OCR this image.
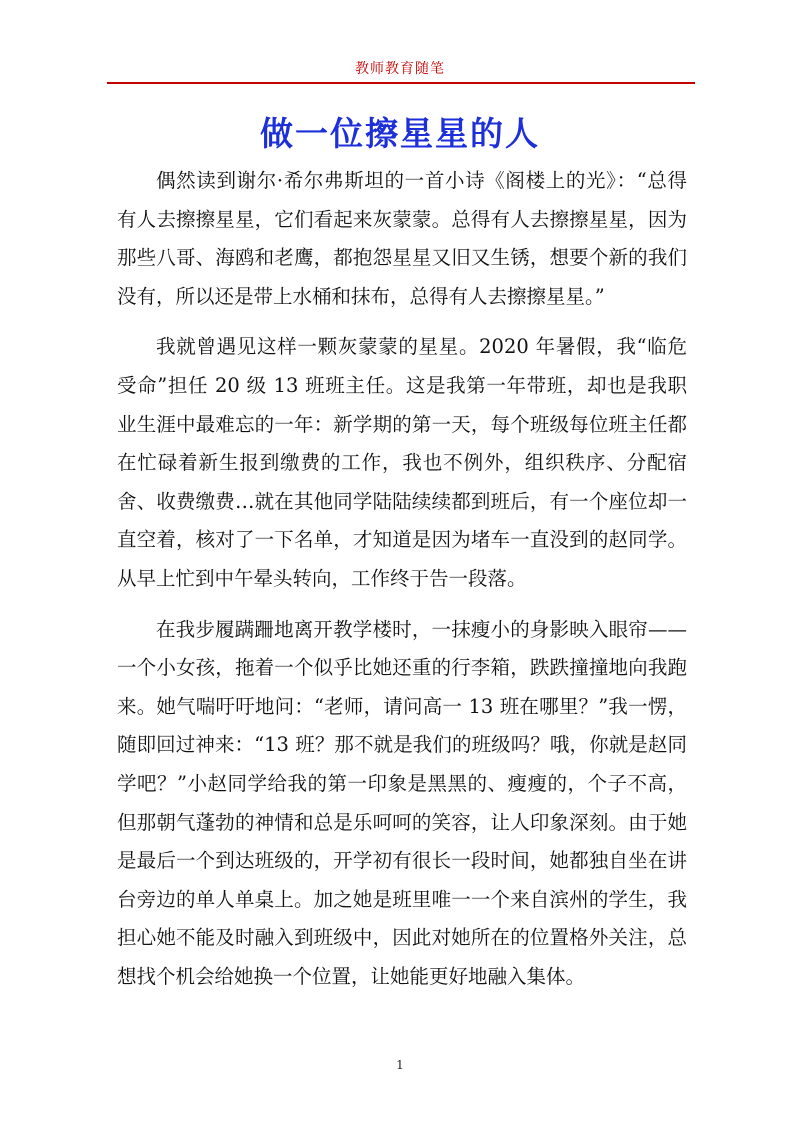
教师教育随笔
做一位擦星星的人

偶然读到谢尔·希尔弗斯坦的一首小诗《阁楼上的光》：“总得有人去擦擦星星，它们看起来灰蒙蒙。总得有人去擦擦星星，因为那些八哥、海鸥和老鹰，都抱怨星星又旧又生锈，想要个新的我们没有，所以还是带上水桶和抹布，总得有人去擦擦星星。”

我就曾遇见这样一颗灰蒙蒙的星星。2020 年暑假，我“临危受命”担任 20 级 13 班班主任。这是我第一年带班，却也是我职业生涯中最难忘的一年：新学期的第一天，每个班级每位班主任都在忙碌着新生报到缴费的工作，我也不例外，组织秩序、分配宿舍、收费缴费…就在其他同学陆陆续续都到班后，有一个座位却一直空着，核对了一下名单，才知道是因为堵车一直没到的赵同学。从早上忙到中午晕头转向，工作终于告一段落。

在我步履蹒跚地离开教学楼时，一抹瘦小的身影映入眼帘——一个小女孩，拖着一个似乎比她还重的行李箱，跌跌撞撞地向我跑来。她气喘吁吁地问：“老师，请问高一 13 班在哪里？”我一愣，随即回过神来：“13 班？那不就是我们的班级吗？哦，你就是赵同学吧？”小赵同学给我的第一印象是黑黑的、瘦瘦的，个子不高，但那朝气蓬勃的神情和总是乐呵呵的笑容，让人印象深刻。由于她是最后一个到达班级的，开学初有很长一段时间，她都独自坐在讲台旁边的单人单桌上。加之她是班里唯一一个来自滨州的学生，我担心她不能及时融入到班级中，因此对她所在的位置格外关注，总想找个机会给她换一个位置，让她能更好地融入集体。

1
